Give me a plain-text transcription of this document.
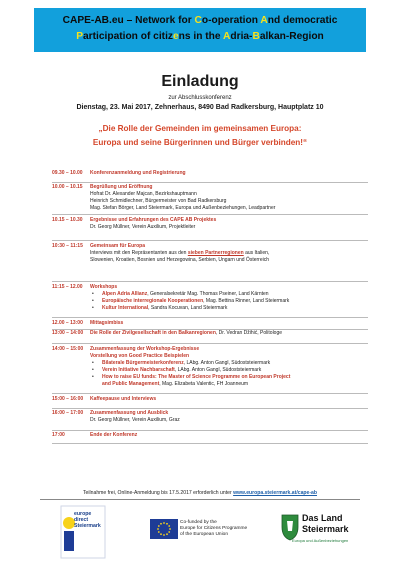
CAPE-AB.eu – Network for Co-operation And democratic
Participation of citizens in the Adria-Balkan-Region
Einladung
zur Abschlusskonferenz
Dienstag, 23. Mai 2017, Zehnerhaus, 8490 Bad Radkersburg, Hauptplatz 10
„Die Rolle der Gemeinden im gemeinsamen Europa:
Europa und seine Bürgerinnen und Bürger verbinden!“
09.30 – 10.00	Konferenzanmeldung und Registrierung
10.00 – 10.15	Begrüßung und Eröffnung
Hofrat Dr. Alexander Majcan, Bezirkshauptmann
Heinrich Schmidlechner, Bürgermeister von Bad Radkersburg
Mag. Stefan Börger, Land Steiermark, Europa und Außenbeziehungen, Leadpartner
10.15 – 10.30	Ergebnisse und Erfahrungen des CAPE AB Projektes
Dr. Georg Müllner, Verein Auxilium, Projektleiter
10:30 – 11:15	Gemeinsam für Europa
Interviews mit den Repräsentanten aus den sieben Partnerregionen aus Italien,
Slowenien, Kroatien, Bosnien und Herzegowina, Serbien, Ungarn und Österreich
11:15 – 12.00	Workshops
• Alpen Adria Allianz, Generalsekretär Mag. Thomas Pseiner, Land Kärnten
• Europäische interregionale Kooperationen, Mag. Bettina Rinner, Land Steiermark
• Kultur International, Sandra Kocuvan, Land Steiermark
12.00 – 13:00	Mittagsimbiss
13:00 – 14:00	Die Rolle der Zivilgesellschaft in den Balkanregionen, Dr. Vedran Džihić, Politologe
14:00 – 15:00	Zusammenfassung der Workshop-Ergebnisse
Vorstellung von Good Practice Beispielen
• Bilaterale Bürgermeisterkonferenz, LAbg. Anton Gangl, Südoststeiermark
• Verein Initiative Nachbarschaft, LAbg. Anton Gangl, Südoststeiermark
• How to raise EU funds: The Master of Science Programme on European Project
and Public Management, Mag. Elizabeta Valentic, FH Joanneum
15:00 – 16:00	Kaffeepause und Interviews
16:00 – 17:00	Zusammenfassung und Ausblick
Dr. Georg Müllner, Verein Auxilium, Graz
17:00	Ende der Konferenz
Teilnahme frei, Online-Anmeldung bis 17.5.2017 erforderlich unter www.europa.steiermark.at/cape-ab
europe
direct
Steiermark
Co-funded by the
Europe for Citizens Programme
of the European Union
Das Land
Steiermark
Europa und Außenbeziehungen
